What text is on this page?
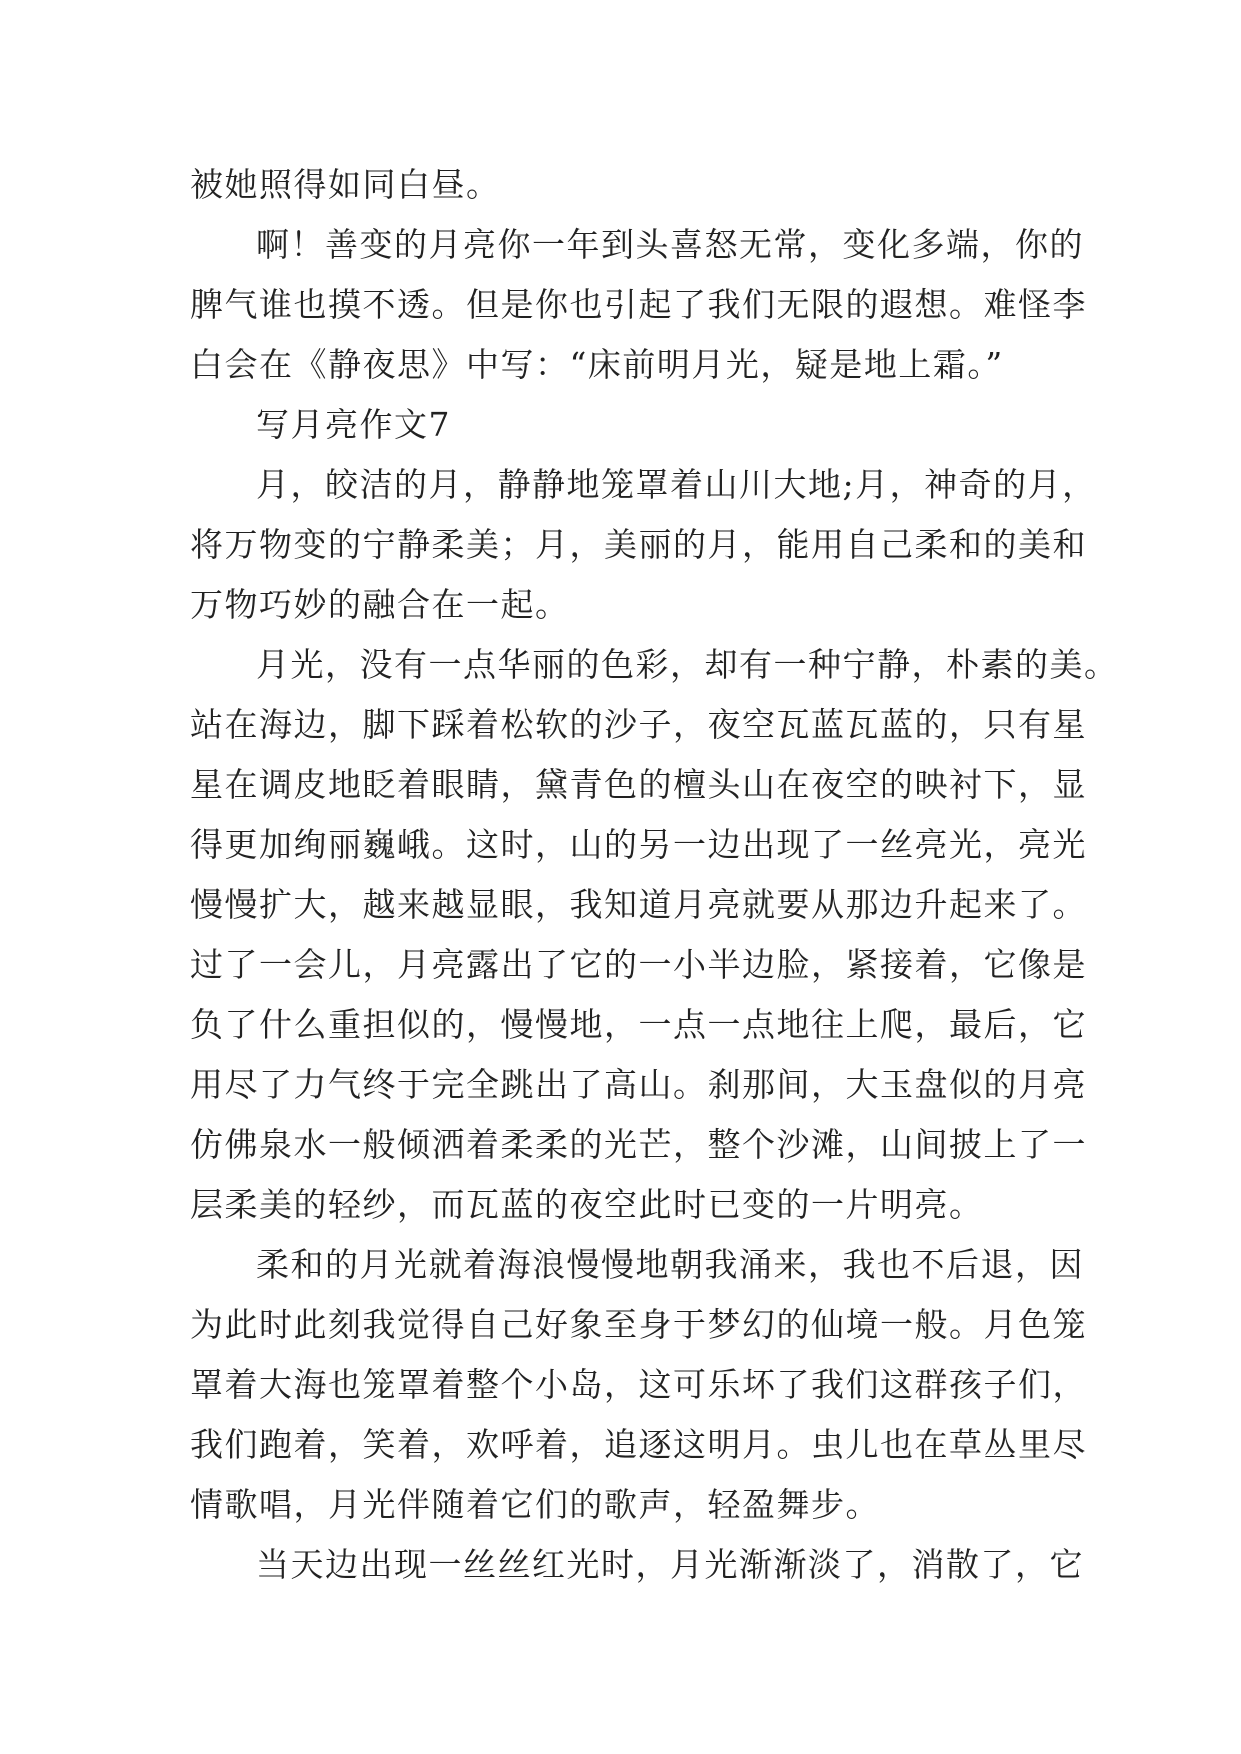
被她照得如同白昼。
啊！善变的月亮你一年到头喜怒无常，变化多端，你的
脾气谁也摸不透。但是你也引起了我们无限的遐想。难怪李
白会在《静夜思》中写：“床前明月光，疑是地上霜。”
写月亮作文7
月，皎洁的月，静静地笼罩着山川大地;月，神奇的月，
将万物变的宁静柔美；月，美丽的月，能用自己柔和的美和
万物巧妙的融合在一起。
月光，没有一点华丽的色彩，却有一种宁静，朴素的美。
站在海边，脚下踩着松软的沙子，夜空瓦蓝瓦蓝的，只有星
星在调皮地眨着眼睛，黛青色的檀头山在夜空的映衬下，显
得更加绚丽巍峨。这时，山的另一边出现了一丝亮光，亮光
慢慢扩大，越来越显眼，我知道月亮就要从那边升起来了。
过了一会儿，月亮露出了它的一小半边脸，紧接着，它像是
负了什么重担似的，慢慢地，一点一点地往上爬，最后，它
用尽了力气终于完全跳出了高山。刹那间，大玉盘似的月亮
仿佛泉水一般倾洒着柔柔的光芒，整个沙滩，山间披上了一
层柔美的轻纱，而瓦蓝的夜空此时已变的一片明亮。
柔和的月光就着海浪慢慢地朝我涌来，我也不后退，因
为此时此刻我觉得自己好象至身于梦幻的仙境一般。月色笼
罩着大海也笼罩着整个小岛，这可乐坏了我们这群孩子们，
我们跑着，笑着，欢呼着，追逐这明月。虫儿也在草丛里尽
情歌唱，月光伴随着它们的歌声，轻盈舞步。
当天边出现一丝丝红光时，月光渐渐淡了，消散了，它
